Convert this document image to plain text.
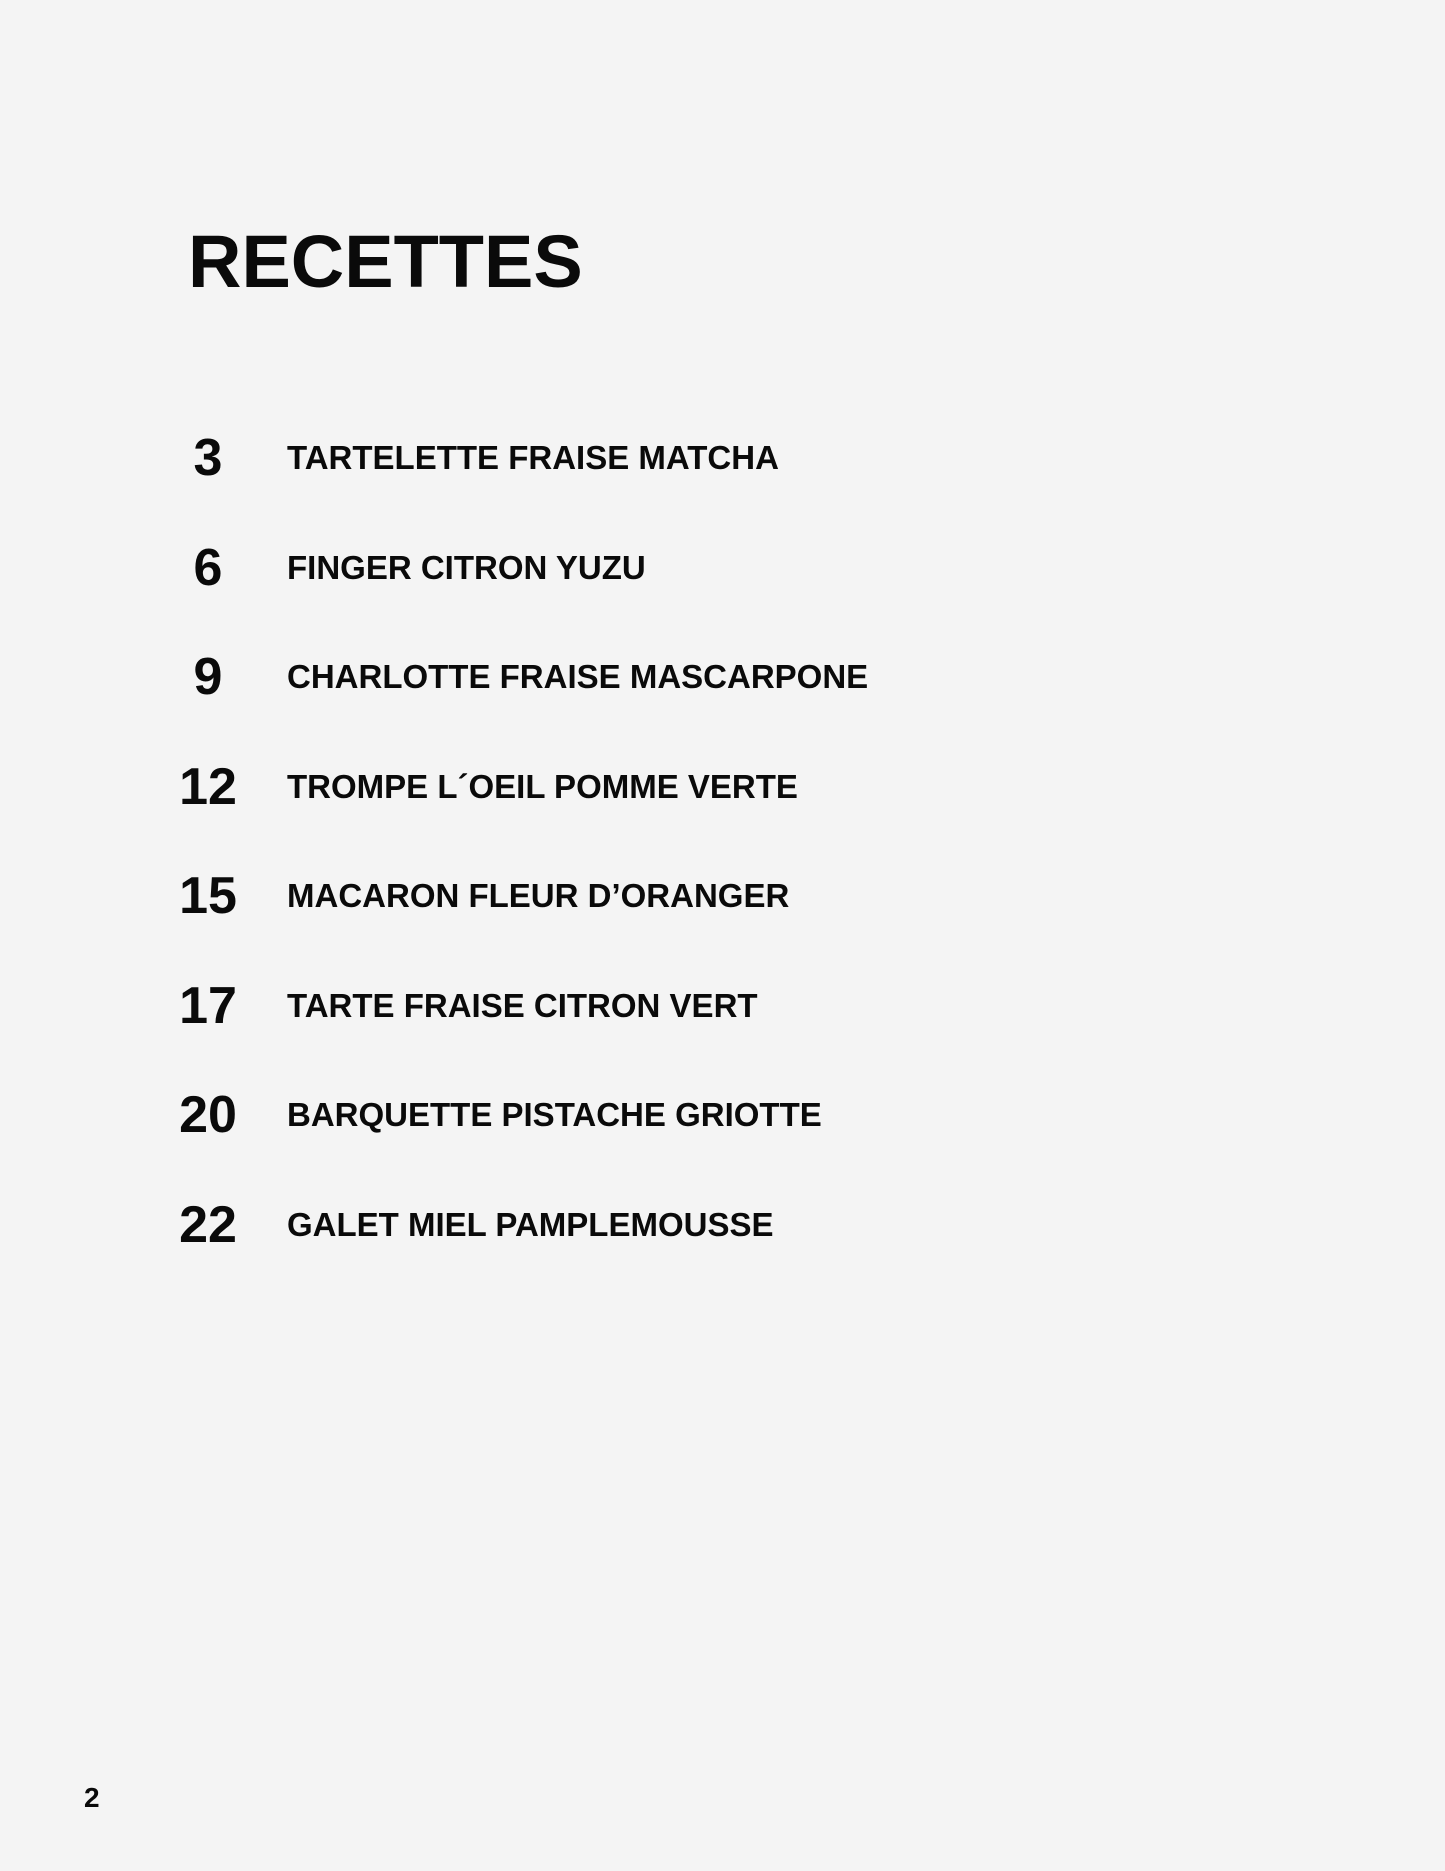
RECETTES
3	TARTELETTE FRAISE MATCHA
6	FINGER CITRON YUZU
9	CHARLOTTE FRAISE MASCARPONE
12	TROMPE L´OEIL POMME VERTE
15	MACARON FLEUR D’ORANGER
17	TARTE FRAISE CITRON VERT
20	BARQUETTE PISTACHE GRIOTTE
22	GALET MIEL PAMPLEMOUSSE
2
